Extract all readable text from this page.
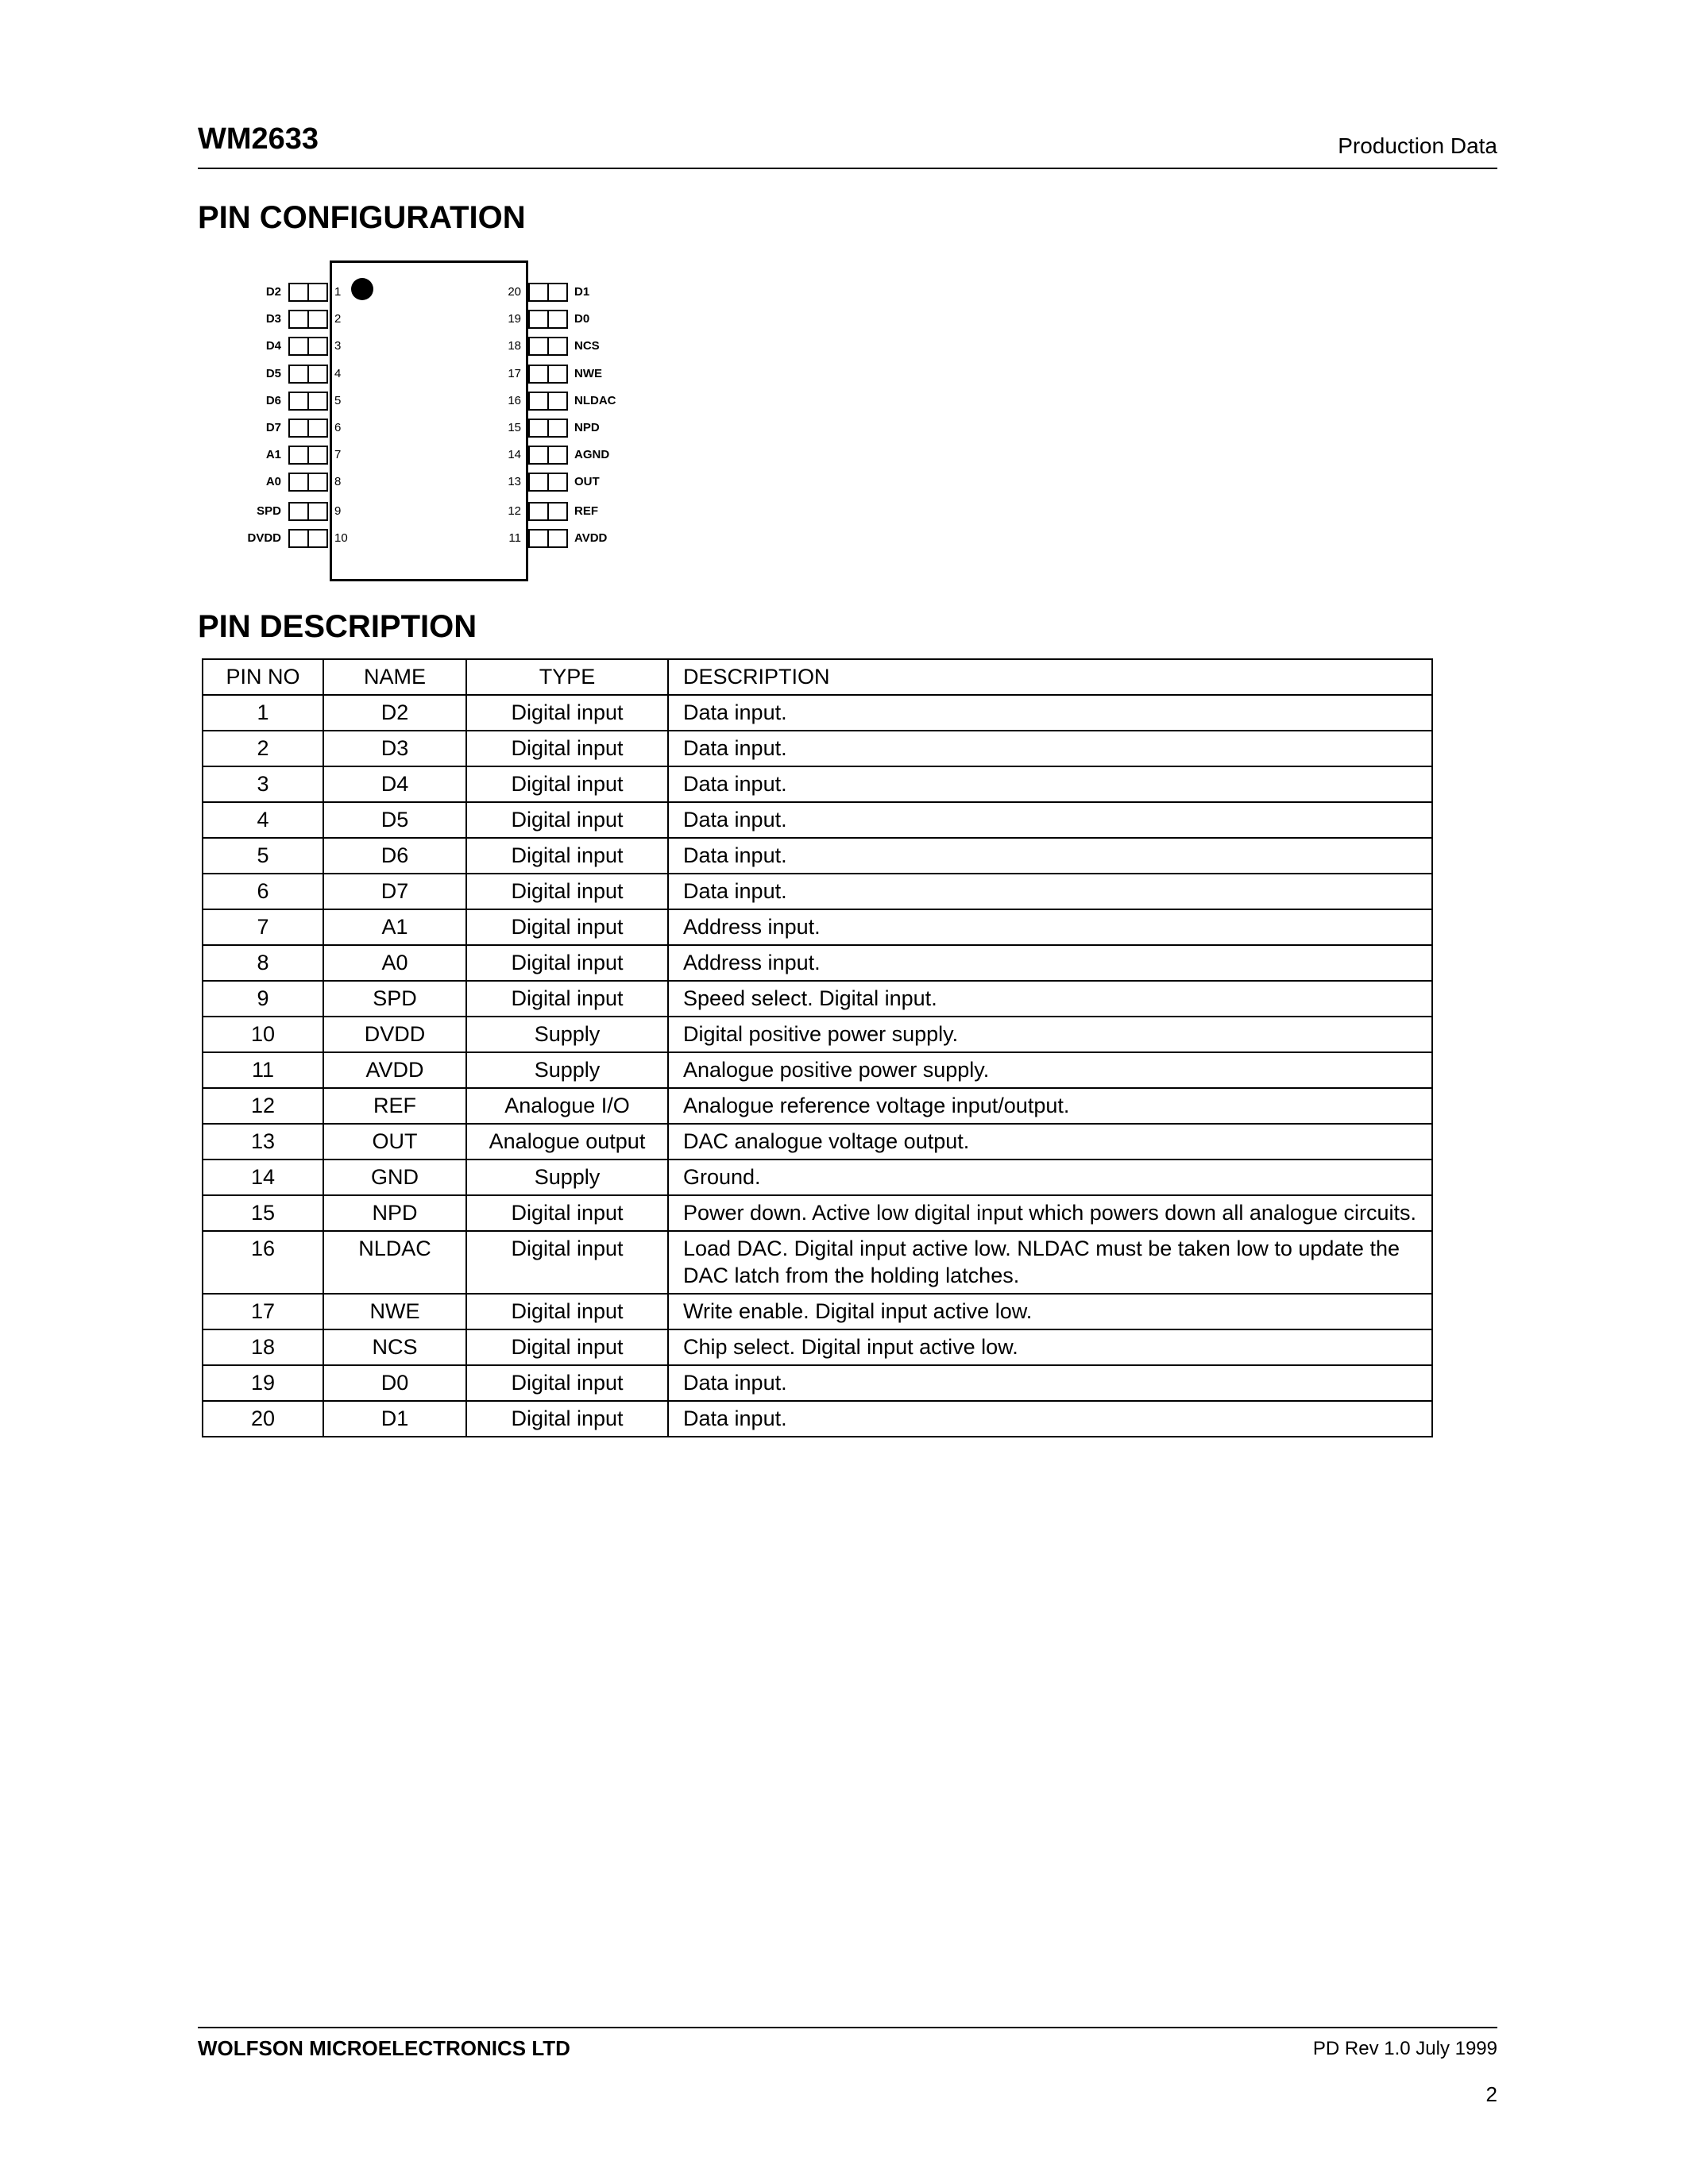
WM2633	Production Data
PIN CONFIGURATION
D2	1
D3	2
D4	3
D5	4
D6	5
D7	6
A1	7
A0	8
SPD	9
DVDD	10
D1
20
D0
19
NCS
18
NWE
17
NLDAC
16
NPD
15
AGND
14
OUT
13
REF
12
AVDD
11
PIN DESCRIPTION
PIN NO	NAME	TYPE	DESCRIPTION
1	D2	Digital input	Data input.
2	D3	Digital input	Data input.
3	D4	Digital input	Data input.
4	D5	Digital input	Data input.
5	D6	Digital input	Data input.
6	D7	Digital input	Data input.
7	A1	Digital input	Address input.
8	A0	Digital input	Address input.
9	SPD	Digital input	Speed select. Digital input.
10	DVDD	Supply	Digital positive power supply.
11	AVDD	Supply	Analogue positive power supply.
12	REF	Analogue I/O	Analogue reference voltage input/output.
13	OUT	Analogue output	DAC analogue voltage output.
14	GND	Supply	Ground.
15	NPD	Digital input	Power down. Active low digital input which powers down all analogue circuits.
16	NLDAC	Digital input	Load DAC. Digital input active low. NLDAC must be taken low to update the DAC latch from the holding latches.
17	NWE	Digital input	Write enable. Digital input active low.
18	NCS	Digital input	Chip select. Digital input active low.
19	D0	Digital input	Data input.
20	D1	Digital input	Data input.
WOLFSON MICROELECTRONICS LTD	PD Rev 1.0 July 1999
2
